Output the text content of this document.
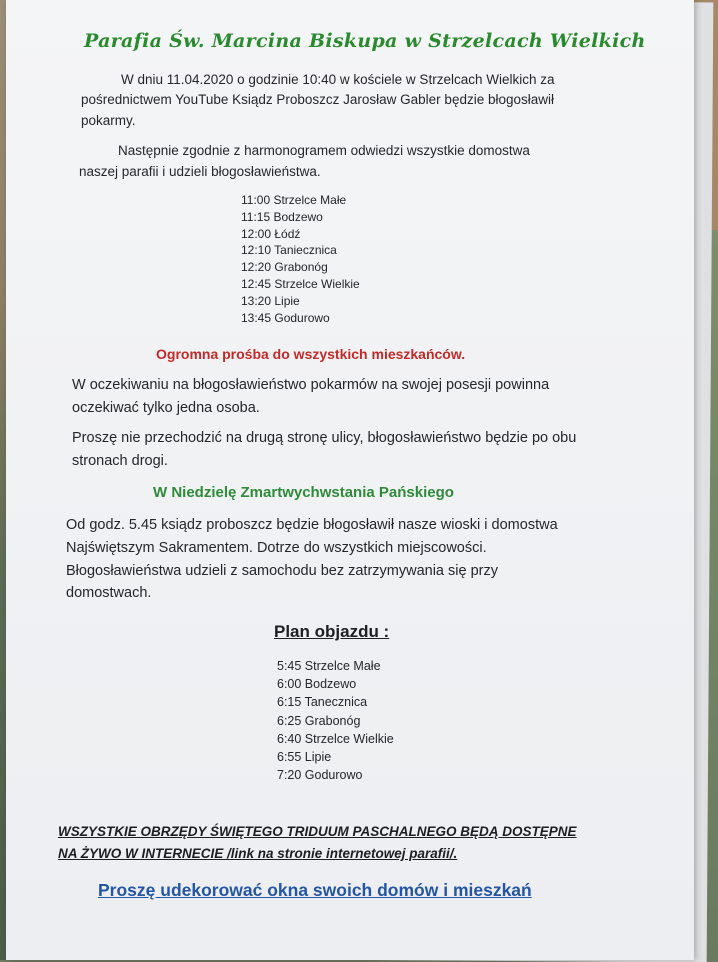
Parafia Św. Marcina Biskupa w Strzelcach Wielkich
W dniu 11.04.2020 o godzinie 10:40 w kościele w Strzelcach Wielkich za
pośrednictwem YouTube Ksiądz Proboszcz Jarosław Gabler będzie błogosławił
pokarmy.
Następnie zgodnie z harmonogramem odwiedzi wszystkie domostwa
naszej parafii i udzieli błogosławieństwa.
11:00 Strzelce Małe
11:15 Bodzewo
12:00 Łódź
12:10 Taniecznica
12:20 Grabonóg
12:45 Strzelce Wielkie
13:20 Lipie
13:45 Godurowo
Ogromna prośba do wszystkich mieszkańców.
W oczekiwaniu na błogosławieństwo pokarmów na swojej posesji powinna
oczekiwać tylko jedna osoba.
Proszę nie przechodzić na drugą stronę ulicy, błogosławieństwo będzie po obu
stronach drogi.
W Niedzielę Zmartwychwstania Pańskiego
Od godz. 5.45 ksiądz proboszcz będzie błogosławił nasze wioski i domostwa
Najświętszym Sakramentem. Dotrze do wszystkich miejscowości.
Błogosławieństwa udzieli z samochodu bez zatrzymywania się przy
domostwach.
Plan objazdu :
5:45 Strzelce Małe
6:00 Bodzewo
6:15 Tanecznica
6:25 Grabonóg
6:40 Strzelce Wielkie
6:55 Lipie
7:20 Godurowo
WSZYSTKIE OBRZĘDY ŚWIĘTEGO TRIDUUM PASCHALNEGO BĘDĄ DOSTĘPNE
NA ŻYWO W INTERNECIE /link na stronie internetowej parafii/.
Proszę udekorować okna swoich domów i mieszkań
